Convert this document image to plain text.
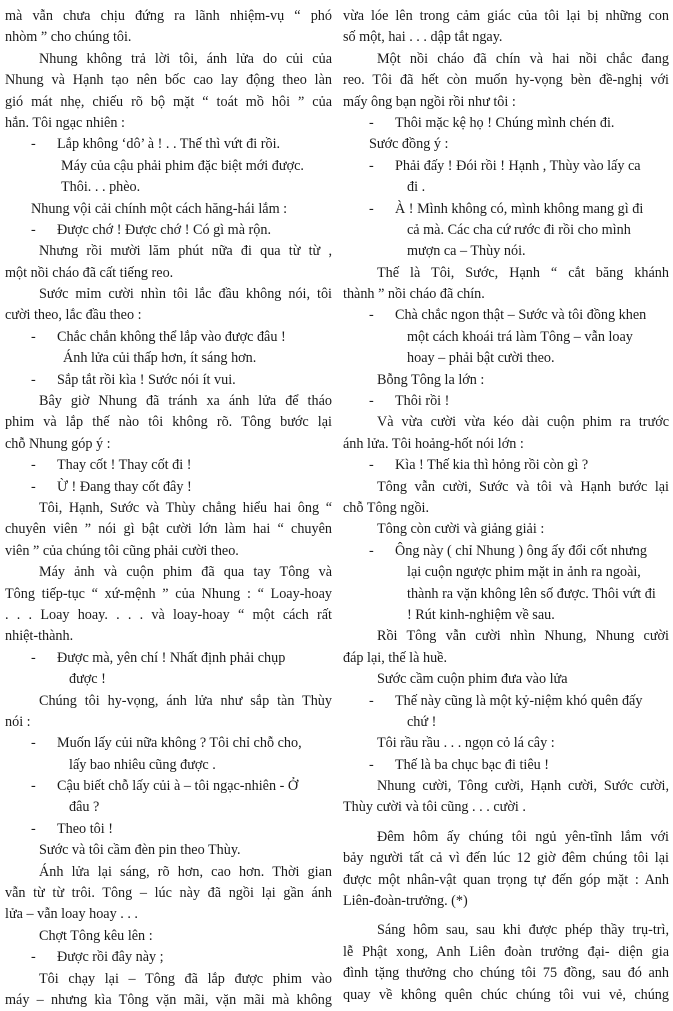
mà vẫn chưa chịu đứng ra lãnh nhiệm-vụ “ phó
nhòm ” cho chúng tôi.
Nhung không trả lời tôi, ánh lửa do củi của
Nhung và Hạnh tạo nên bốc cao lay động theo làn
gió mát nhẹ, chiếu rõ bộ mặt “ toát mồ hôi ” của
hắn. Tôi ngạc nhiên :
- Lắp không ‘dô’ à ! . . Thế thì vứt đi rồi.
Máy của cậu phải phim đặc biệt mới được.
Thôi. . . phèo.
Nhung vội cải chính một cách hăng-hái lắm :
- Được chớ ! Được chớ ! Có gì mà rộn.
Nhưng rồi mười lăm phút nữa đi qua từ từ ,
một nồi cháo đã cất tiếng reo.
Sước mỉm cười nhìn tôi lắc đầu không nói, tôi
cười theo, lắc đầu theo :
- Chắc chắn không thể lắp vào được đâu !
Ánh lửa củi thấp hơn, ít sáng hơn.
- Sắp tắt rồi kìa ! Sước nói ít vui.
Bây giờ Nhung đã tránh xa ánh lửa để tháo
phim và lắp thế nào tôi không rõ. Tông bước lại
chỗ Nhung góp ý :
- Thay cốt ! Thay cốt đi !
- Ừ ! Đang thay cốt đây !
Tôi, Hạnh, Sước và Thùy chẳng hiểu hai ông “
chuyên viên ” nói gì bật cười lớn làm hai “ chuyên
viên ” của chúng tôi cũng phải cười theo.
Máy ảnh và cuộn phim đã qua tay Tông và
Tông tiếp-tục “ xứ-mệnh ” của Nhung : “ Loay-hoay
. . . Loay hoay. . . . và loay-hoay “ một cách rất
nhiệt-thành.
- Được mà, yên chí ! Nhất định phải chụp
được !
Chúng tôi hy-vọng, ánh lửa như sắp tàn Thùy
nói :
- Muốn lấy củi nữa không ? Tôi chỉ chỗ cho,
lấy bao nhiêu cũng được .
- Cậu biết chỗ lấy củi à – tôi ngạc-nhiên - Ở
đâu ?
- Theo tôi !
Sước và tôi cầm đèn pin theo Thùy.
Ánh lửa lại sáng, rõ hơn, cao hơn. Thời gian
vẫn từ từ trôi. Tông – lúc này đã ngồi lại gần ánh
lửa – vẫn loay hoay . . .
Chợt Tông kêu lên :
- Được rồi đây này ;
Tôi chạy lại – Tông đã lắp được phim vào
máy – nhưng kìa Tông vặn mãi, vặn mãi mà không
vừa lóe lên trong cảm giác của tôi lại bị những con
số một, hai . . . dập tắt ngay.
Một nồi cháo đã chín và hai nồi chắc đang
reo. Tôi đã hết còn muốn hy-vọng bèn đề-nghị với
mấy ông bạn ngồi rồi như tôi :
- Thôi mặc kệ họ ! Chúng mình chén đi.
Sước đồng ý :
- Phải đấy ! Đói rồi ! Hạnh , Thùy vào lấy ca
đi .
- À ! Mình không có, mình không mang gì đi
cả mà. Các cha cứ rước đi rồi cho mình
mượn ca – Thùy nói.
Thế là Tôi, Sước, Hạnh “ cắt băng khánh
thành ” nồi cháo đã chín.
- Chà chắc ngon thật – Sước và tôi đồng khen
một cách khoái trá làm Tông – vẫn loay
hoay – phải bật cười theo.
Bỗng Tông la lớn :
- Thôi rồi !
Và vừa cười vừa kéo dài cuộn phim ra trước
ánh lửa. Tôi hoảng-hốt nói lớn :
- Kìa ! Thế kia thì hỏng rồi còn gì ?
Tông vẫn cười, Sước và tôi và Hạnh bước lại
chỗ Tông ngồi.
Tông còn cười và giảng giải :
- Ông này ( chỉ Nhung ) ông ấy đổi cốt nhưng
lại cuộn ngược phim mặt in ảnh ra ngoài,
thành ra vặn không lên số được. Thôi vứt đi
! Rút kinh-nghiệm về sau.
Rồi Tông vẫn cười nhìn Nhung, Nhung cười
đáp lại, thế là huề.
Sước cầm cuộn phim đưa vào lửa
- Thế này cũng là một kỷ-niệm khó quên đấy
chứ !
Tôi rầu rầu . . . ngọn cỏ lá cây :
- Thế là ba chục bạc đi tiêu !
Nhung cười, Tông cười, Hạnh cười, Sước cười,
Thùy cười và tôi cũng . . . cười .
Đêm hôm ấy chúng tôi ngủ yên-tĩnh lắm với
bảy người tất cả vì đến lúc 12 giờ đêm chúng tôi lại
được một nhân-vật quan trọng tự đến góp mặt : Anh
Liên-đoàn-trưởng. (*)
Sáng hôm sau, sau khi được phép thầy trụ-trì,
lễ Phật xong, Anh Liên đoàn trưởng đại- diện gia
đình tặng thưởng cho chúng tôi 75 đồng, sau đó anh
quay về không quên chúc chúng tôi vui vẻ, chúng
